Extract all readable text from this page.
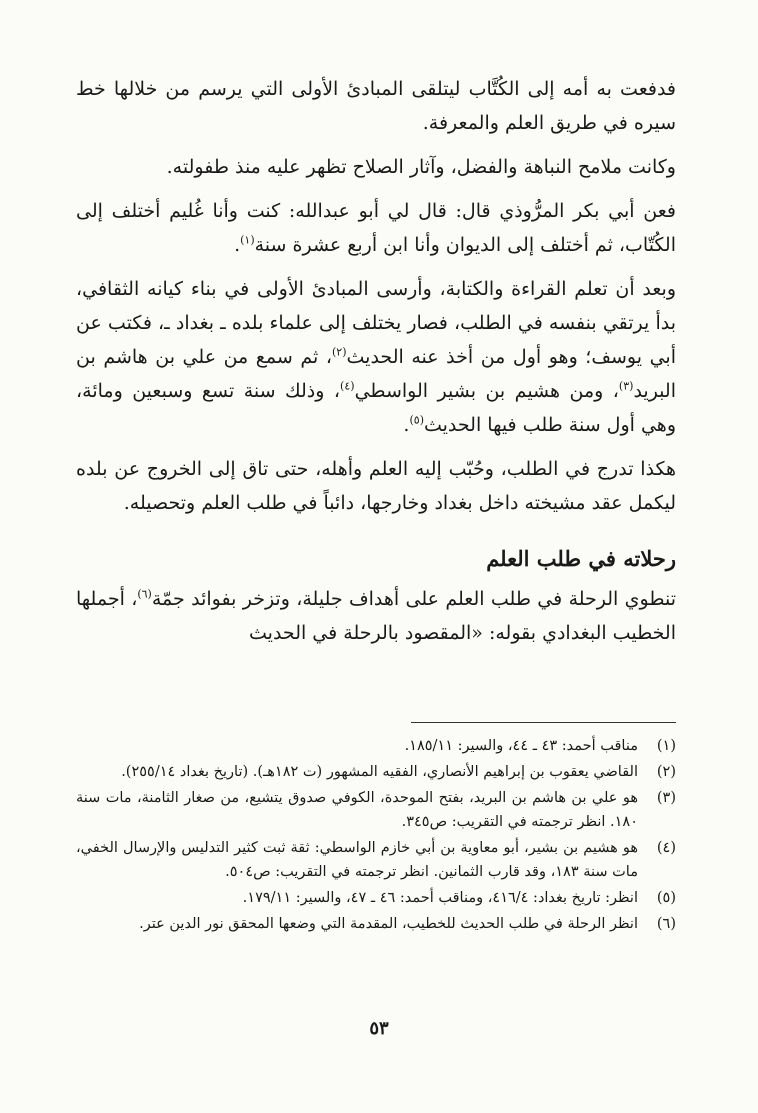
فدفعت به أمه إلى الكُتَّاب ليتلقى المبادئ الأولى التي يرسم من خلالها خط سيره في طريق العلم والمعرفة.

وكانت ملامح النباهة والفضل، وآثار الصلاح تظهر عليه منذ طفولته.

فعن أبي بكر المرُّوذي قال: قال لي أبو عبدالله: كنت وأنا غُليم أختلف إلى الكُتّاب، ثم أختلف إلى الديوان وأنا ابن أربع عشرة سنة$^{(١)}$.

وبعد أن تعلم القراءة والكتابة، وأرسى المبادئ الأولى في بناء كيانه الثقافي، بدأ يرتقي بنفسه في الطلب، فصار يختلف إلى علماء بلده ـ بغداد ـ، فكتب عن أبي يوسف؛ وهو أول من أخذ عنه الحديث$^{(٢)}$، ثم سمع من علي بن هاشم بن البريد$^{(٣)}$، ومن هشيم بن بشير الواسطي$^{(٤)}$، وذلك سنة تسع وسبعين ومائة، وهي أول سنة طلب فيها الحديث$^{(٥)}$.

هكذا تدرج في الطلب، وحُبّب إليه العلم وأهله، حتى تاق إلى الخروج عن بلده ليكمل عقد مشيخته داخل بغداد وخارجها، دائباً في طلب العلم وتحصيله.

رحلاته في طلب العلم

تنطوي الرحلة في طلب العلم على أهداف جليلة، وتزخر بفوائد جمّة$^{(٦)}$، أجملها الخطيب البغدادي بقوله: «المقصود بالرحلة في الحديث

(١)
مناقب أحمد: ٤٣ ـ ٤٤، والسير: ١٨٥/١١.
(٢)
القاضي يعقوب بن إبراهيم الأنصاري، الفقيه المشهور (ت ١٨٢هـ). (تاريخ بغداد ٢٥٥/١٤).
(٣)
هو علي بن هاشم بن البريد، بفتح الموحدة، الكوفي صدوق يتشيع، من صغار الثامنة، مات سنة ١٨٠. انظر ترجمته في التقريب: ص٣٤٥.
(٤)
هو هشيم بن بشير، أبو معاوية بن أبي خازم الواسطي: ثقة ثبت كثير التدليس والإرسال الخفي، مات سنة ١٨٣، وقد قارب الثمانين. انظر ترجمته في التقريب: ص٥٠٤.
(٥)
انظر: تاريخ بغداد: ٤١٦/٤، ومناقب أحمد: ٤٦ ـ ٤٧، والسير: ١٧٩/١١.
(٦)
انظر الرحلة في طلب الحديث للخطيب، المقدمة التي وضعها المحقق نور الدين عتر.
٥٣
